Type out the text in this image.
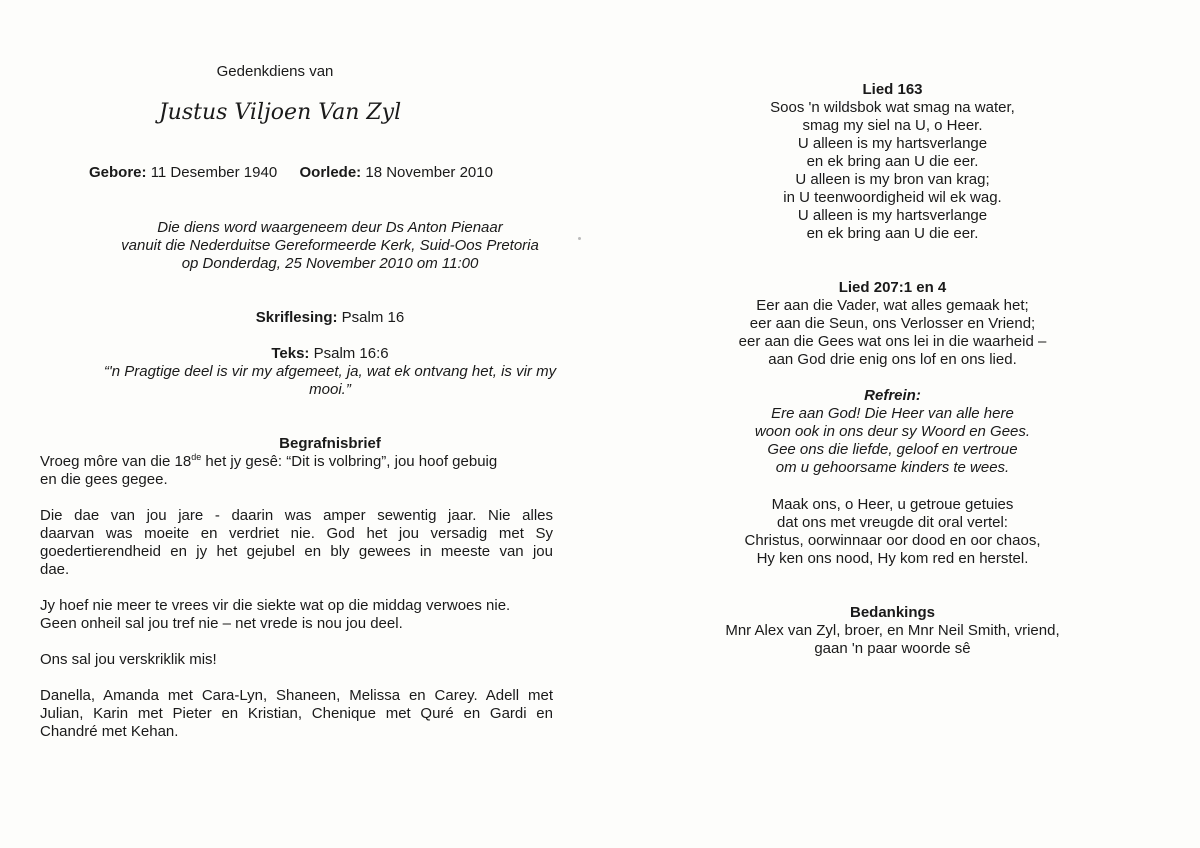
Gedenkdiens van
Justus Viljoen Van Zyl
Gebore: 11 Desember 1940 Oorlede: 18 November 2010
Die diens word waargeneem deur Ds Anton Pienaar
vanuit die Nederduitse Gereformeerde Kerk, Suid-Oos Pretoria
op Donderdag, 25 November 2010 om 11:00
Skriflesing: Psalm 16
Teks: Psalm 16:6
“'n Pragtige deel is vir my afgemeet, ja, wat ek ontvang het, is vir my
mooi.”
Begrafnisbrief
Vroeg môre van die 18de het jy gesê: “Dit is volbring”, jou hoof gebuig
en die gees gegee.
Die dae van jou jare - daarin was amper sewentig jaar. Nie alles
daarvan was moeite en verdriet nie. God het jou versadig met Sy
goedertierendheid en jy het gejubel en bly gewees in meeste van jou
dae.
Jy hoef nie meer te vrees vir die siekte wat op die middag verwoes nie.
Geen onheil sal jou tref nie – net vrede is nou jou deel.
Ons sal jou verskriklik mis!
Danella, Amanda met Cara-Lyn, Shaneen, Melissa en Carey. Adell met
Julian, Karin met Pieter en Kristian, Chenique met Quré en Gardi en
Chandré met Kehan.
Lied 163
Soos 'n wildsbok wat smag na water,
smag my siel na U, o Heer.
U alleen is my hartsverlange
en ek bring aan U die eer.
U alleen is my bron van krag;
in U teenwoordigheid wil ek wag.
U alleen is my hartsverlange
en ek bring aan U die eer.
Lied 207:1 en 4
Eer aan die Vader, wat alles gemaak het;
eer aan die Seun, ons Verlosser en Vriend;
eer aan die Gees wat ons lei in die waarheid –
aan God drie enig ons lof en ons lied.
Refrein:
Ere aan God! Die Heer van alle here
woon ook in ons deur sy Woord en Gees.
Gee ons die liefde, geloof en vertroue
om u gehoorsame kinders te wees.
Maak ons, o Heer, u getroue getuies
dat ons met vreugde dit oral vertel:
Christus, oorwinnaar oor dood en oor chaos,
Hy ken ons nood, Hy kom red en herstel.
Bedankings
Mnr Alex van Zyl, broer, en Mnr Neil Smith, vriend,
gaan 'n paar woorde sê
